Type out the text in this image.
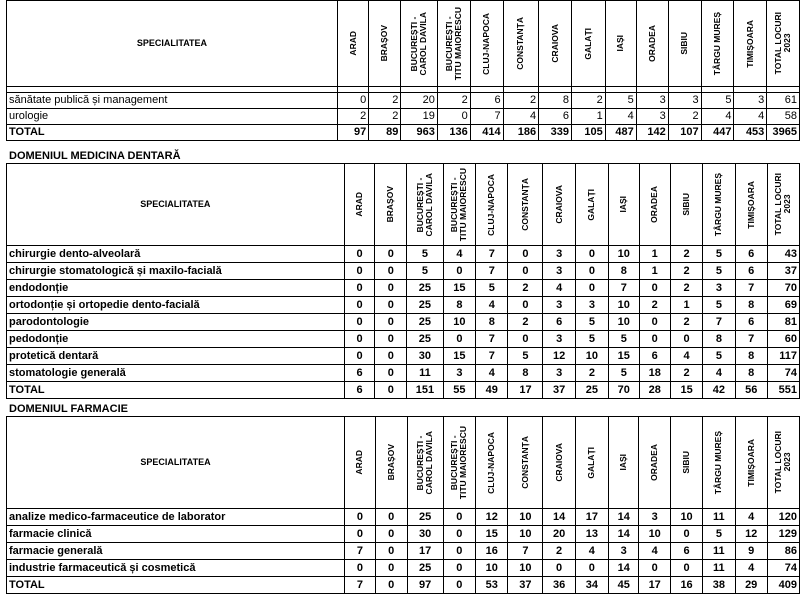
SPECIALITATEA	ARAD	BRAȘOV	BUCUREȘTI -
CAROL DAVILA	BUCUREȘTI -
TITU MAIORESCU	CLUJ-NAPOCA	CONSTANȚA	CRAIOVA	GALAȚI	IAȘI	ORADEA	SIBIU	TÂRGU MUREȘ	TIMIȘOARA	TOTAL LOCURI
2023

sănătate publică și management	0	2	20	2	6	2	8	2	5	3	3	5	3	61
urologie	2	2	19	0	7	4	6	1	4	3	2	4	4	58
TOTAL	97	89	963	136	414	186	339	105	487	142	107	447	453	3965
DOMENIUL MEDICINA DENTARĂ
SPECIALITATEA	ARAD	BRAȘOV	BUCUREȘTI -
CAROL DAVILA	BUCUREȘTI -
TITU MAIORESCU	CLUJ-NAPOCA	CONSTANȚA	CRAIOVA	GALAȚI	IAȘI	ORADEA	SIBIU	TÂRGU MUREȘ	TIMIȘOARA	TOTAL LOCURI
2023

chirurgie dento-alveolară	0	0	5	4	7	0	3	0	10	1	2	5	6	43
chirurgie stomatologică și maxilo-facială	0	0	5	0	7	0	3	0	8	1	2	5	6	37
endodonție	0	0	25	15	5	2	4	0	7	0	2	3	7	70
ortodonție și ortopedie dento-facială	0	0	25	8	4	0	3	3	10	2	1	5	8	69
parodontologie	0	0	25	10	8	2	6	5	10	0	2	7	6	81
pedodonție	0	0	25	0	7	0	3	5	5	0	0	8	7	60
protetică dentară	0	0	30	15	7	5	12	10	15	6	4	5	8	117
stomatologie generală	6	0	11	3	4	8	3	2	5	18	2	4	8	74
TOTAL	6	0	151	55	49	17	37	25	70	28	15	42	56	551
DOMENIUL FARMACIE
SPECIALITATEA	ARAD	BRAȘOV	BUCUREȘTI -
CAROL DAVILA	BUCUREȘTI -
TITU MAIORESCU	CLUJ-NAPOCA	CONSTANȚA	CRAIOVA	GALAȚI	IAȘI	ORADEA	SIBIU	TÂRGU MUREȘ	TIMIȘOARA	TOTAL LOCURI
2023

analize medico-farmaceutice de laborator	0	0	25	0	12	10	14	17	14	3	10	11	4	120
farmacie clinică	0	0	30	0	15	10	20	13	14	10	0	5	12	129
farmacie generală	7	0	17	0	16	7	2	4	3	4	6	11	9	86
industrie farmaceutică și cosmetică	0	0	25	0	10	10	0	0	14	0	0	11	4	74
TOTAL	7	0	97	0	53	37	36	34	45	17	16	38	29	409
